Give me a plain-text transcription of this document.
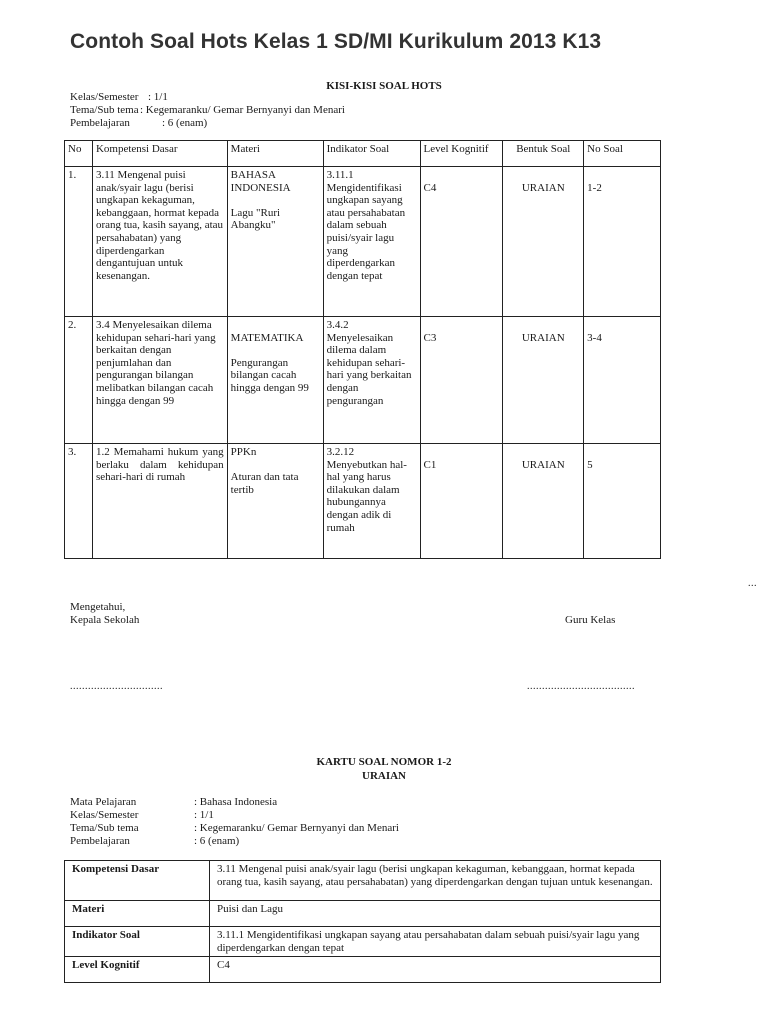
Contoh Soal Hots Kelas 1 SD/MI Kurikulum 2013 K13
KISI-KISI SOAL HOTS
Kelas/Semester : 1/1
Tema/Sub tema : Kegemaranku/ Gemar Bernyanyi dan Menari
Pembelajaran	: 6 (enam)
No	Kompetensi Dasar	Materi	Indikator Soal	Level Kognitif	Bentuk Soal	No Soal
1.	3.11 Mengenal puisi anak/syair lagu (berisi ungkapan kekaguman, kebanggaan, hormat kepada orang tua, kasih sayang, atau persahabatan) yang diperdengarkan dengantujuan untuk kesenangan.	BAHASA INDONESIA
Lagu "Ruri Abangku"	3.11.1 Mengidentifikasi ungkapan sayang atau persahabatan dalam sebuah puisi/syair lagu yang diperdengarkan dengan tepat	C4	URAIAN	1-2
2.	3.4 Menyelesaikan dilema kehidupan sehari-hari yang berkaitan dengan penjumlahan dan pengurangan bilangan melibatkan bilangan cacah hingga dengan 99	MATEMATIKA
Pengurangan bilangan cacah hingga dengan 99	3.4.2 Menyelesaikan dilema dalam kehidupan sehari-hari yang berkaitan dengan pengurangan	C3	URAIAN	3-4
3.	1.2 Memahami hukum yang berlaku dalam kehidupan sehari-hari di rumah	PPKn
Aturan dan tata tertib	3.2.12 Menyebutkan hal-hal yang harus dilakukan dalam hubungannya dengan adik di rumah	C1	URAIAN	5
...
Mengetahui,
Kepala Sekolah	Guru Kelas
...............................	....................................
KARTU SOAL NOMOR 1-2
URAIAN
Mata Pelajaran	: Bahasa Indonesia
Kelas/Semester	: 1/1
Tema/Sub tema	: Kegemaranku/ Gemar Bernyanyi dan Menari
Pembelajaran	: 6 (enam)
Kompetensi Dasar	3.11 Mengenal puisi anak/syair lagu (berisi ungkapan kekaguman, kebanggaan, hormat kepada orang tua, kasih sayang, atau persahabatan) yang diperdengarkan dengan tujuan untuk kesenangan.
Materi	Puisi dan Lagu
Indikator Soal	3.11.1 Mengidentifikasi ungkapan sayang atau persahabatan dalam sebuah puisi/syair lagu yang diperdengarkan dengan tepat
Level Kognitif	C4
